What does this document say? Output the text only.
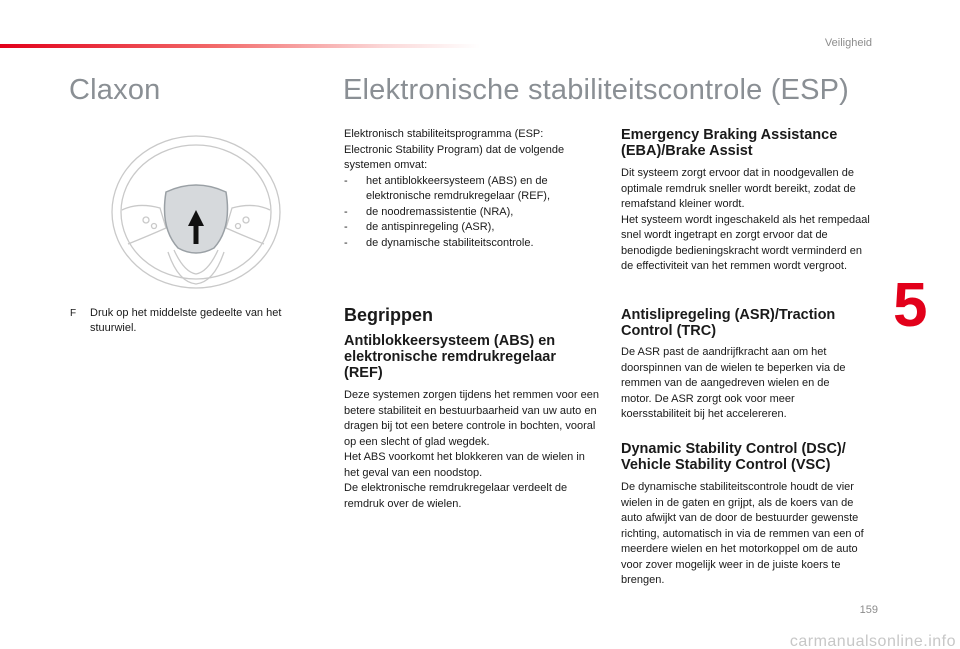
Veiligheid
Claxon	Elektronische stabiliteitscontrole (ESP)
F	Druk op het middelste gedeelte van het stuurwiel.

Elektronisch stabiliteitsprogramma (ESP: Electronic Stability Program) dat de volgende systemen omvat:

- het antiblokkeersysteem (ABS) en de elektronische remdrukregelaar (REF),
- de noodremassistentie (NRA),
- de antispinregeling (ASR),
- de dynamische stabiliteitscontrole.
Begrippen
Antiblokkeersysteem (ABS) en
elektronische remdrukregelaar
(REF)

Deze systemen zorgen tijdens het remmen voor een betere stabiliteit en bestuurbaarheid van uw auto en dragen bij tot een betere controle in bochten, vooral op een slecht of glad wegdek.

Het ABS voorkomt het blokkeren van de wielen in het geval van een noodstop.

De elektronische remdrukregelaar verdeelt de remdruk over de wielen.

Emergency Braking Assistance
(EBA)/Brake Assist

Dit systeem zorgt ervoor dat in noodgevallen de optimale remdruk sneller wordt bereikt, zodat de remafstand kleiner wordt.

Het systeem wordt ingeschakeld als het rempedaal snel wordt ingetrapt en zorgt ervoor dat de benodigde bedieningskracht wordt verminderd en de effectiviteit van het remmen wordt vergroot.

Antislipregeling (ASR)/Traction
Control (TRC)

De ASR past de aandrijfkracht aan om het doorspinnen van de wielen te beperken via de remmen van de aangedreven wielen en de motor. De ASR zorgt ook voor meer koersstabiliteit bij het accelereren.

Dynamic Stability Control (DSC)/
Vehicle Stability Control (VSC)

De dynamische stabiliteitscontrole houdt de vier wielen in de gaten en grijpt, als de koers van de auto afwijkt van de door de bestuurder gewenste richting, automatisch in via de remmen van een of meerdere wielen en het motorkoppel om de auto voor zover mogelijk weer in de juiste koers te brengen.

5
159
carmanualsonline.info
